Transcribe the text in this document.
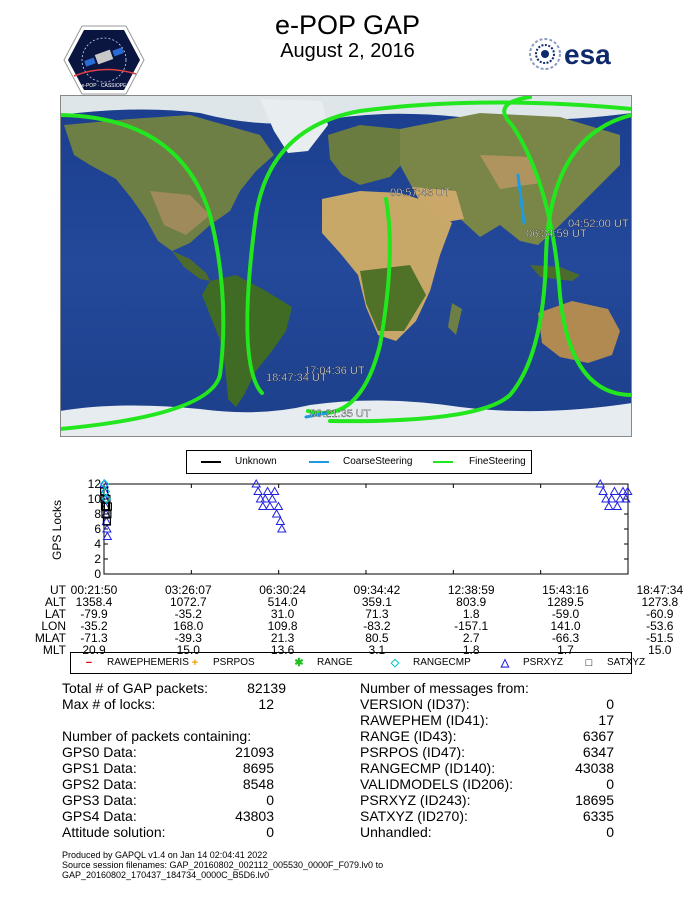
e-POP GAP
August 2, 2016
e-POP · CASSIOPE
esa
00:57:43 UT
04:52:00 UT
06:34:59 UT
17:04:36 UT
18:47:34 UT
00:21:35 UT
Unknown	CoarseSteering	FineSteering
GPS Locks
0
2
4
6
8
10
12
UT 00:21:50	03:26:07	06:30:24	09:34:42	12:38:59	15:43:16	18:47:34
ALT 1358.4	1072.7	514.0	359.1	803.9	1289.5	1273.8
LAT	-79.9	-35.2	31.0	71.3	1.8	-59.0	-60.9
LON	-35.2	168.0	109.8	-83.2	-157.1	141.0	-53.6
MLAT	-71.3	-39.3	21.3	80.5	2.7	-66.3	-51.5
MLT	20.9	15.0	13.6	3.1	1.8	1.7	15.0
− RAWEPHEMERIS + PSRPOS	✱ RANGE	◇ RANGECMP	△ PSRXYZ □ SATXYZ
Total # of GAP packets:	82139
Max # of locks:	12
Number of packets containing:
GPS0 Data:	21093
GPS1 Data:	8695
GPS2 Data:	8548
GPS3 Data:	0
GPS4 Data:	43803
Attitude solution:	0
Number of messages from:
VERSION (ID37):	0
RAWEPHEM (ID41):	17
RANGE (ID43):	6367
PSRPOS (ID47):	6347
RANGECMP (ID140):	43038
VALIDMODELS (ID206):	0
PSRXYZ (ID243):	18695
SATXYZ (ID270):	6335
Unhandled:	0
Produced by GAPQL v1.4 on Jan 14 02:04:41 2022
Source session filenames: GAP_20160802_002112_005530_0000F_F079.lv0 to
GAP_20160802_170437_184734_0000C_B5D6.lv0
